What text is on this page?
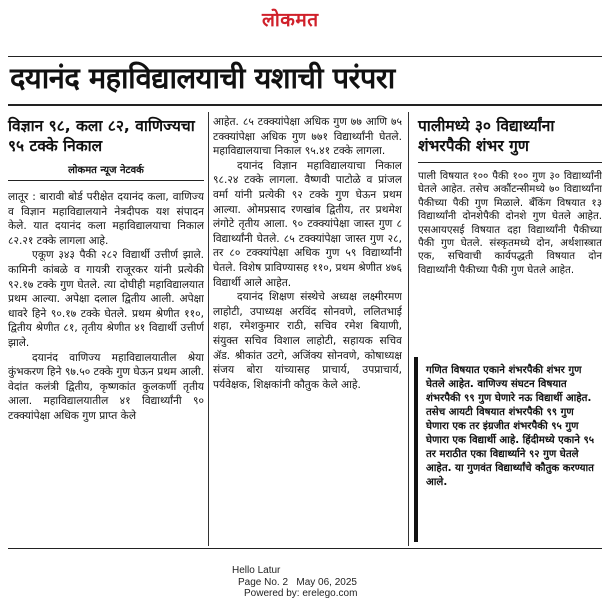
लोकमत
दयानंद महाविद्यालयाची यशाची परंपरा
विज्ञान ९८, कला ८२, वाणिज्यचा ९५ टक्के निकाल
लोकमत न्यूज नेटवर्क

लातूर : बारावी बोर्ड परीक्षेत दयानंद कला, वाणिज्य व विज्ञान महाविद्यालयाने नेत्रदीपक यश संपादन केले. यात दयानंद कला महाविद्यालयाचा निकाल ८२.२१ टक्के लागला आहे.

एकूण ३४३ पैकी २८२ विद्यार्थी उत्तीर्ण झाले. कामिनी कांबळे व गायत्री राजूरकर यांनी प्रत्येकी ९२.१७ टक्के गुण घेतले. त्या दोघीही महाविद्यालयात प्रथम आल्या. अपेक्षा दलाल द्वितीय आली. अपेक्षा धावरे हिने ९०.१७ टक्के घेतले. प्रथम श्रेणीत ११०, द्वितीय श्रेणीत ८१, तृतीय श्रेणीत ४१ विद्यार्थी उत्तीर्ण झाले.

दयानंद वाणिज्य महाविद्यालयातील श्रेया कुंभकरण हिने ९७.५० टक्के गुण घेऊन प्रथम आली. वेदांत कलंत्री द्वितीय, कृष्णकांत कुलकर्णी तृतीय आला. महाविद्यालयातील ४१ विद्यार्थ्यांनी ९० टक्क्यांपेक्षा अधिक गुण प्राप्त केले

आहेत. ८५ टक्क्यांपेक्षा अधिक गुण ७७ आणि ७५ टक्क्यांपेक्षा अधिक गुण ७७१ विद्यार्थ्यांनी घेतले. महाविद्यालयाचा निकाल ९५.४१ टक्के लागला.

दयानंद विज्ञान महाविद्यालयाचा निकाल ९८.२४ टक्के लागला. वैष्णवी पाटोळे व प्रांजल वर्मा यांनी प्रत्येकी ९२ टक्के गुण घेऊन प्रथम आल्या. ओमप्रसाद रणखांब द्वितीय, तर प्रथमेश लंगोटे तृतीय आला. ९० टक्क्यांपेक्षा जास्त गुण ८ विद्यार्थ्यांनी घेतले. ८५ टक्क्यांपेक्षा जास्त गुण २८, तर ८० टक्क्यांपेक्षा अधिक गुण ५९ विद्यार्थ्यांनी घेतले. विशेष प्राविण्यासह ११०, प्रथम श्रेणीत ४७६ विद्यार्थी आले आहेत.

दयानंद शिक्षण संस्थेचे अध्यक्ष लक्ष्मीरमण लाहोटी, उपाध्यक्ष अरविंद सोनवणे, ललितभाई शहा, रमेशकुमार राठी, सचिव रमेश बियाणी, संयुक्त सचिव विशाल लाहोटी, सहायक सचिव ॲड. श्रीकांत उटगे, अजिंक्य सोनवणे, कोषाध्यक्ष संजय बोरा यांच्यासह प्राचार्य, उपप्राचार्य, पर्यवेक्षक, शिक्षकांनी कौतुक केले आहे.

पालीमध्ये ३० विद्यार्थ्यांना शंभरपैकी शंभर गुण

पाली विषयात १०० पैकी १०० गुण ३० विद्यार्थ्यांनी घेतले आहेत. तसेच अकौंटन्सीमध्ये ७० विद्यार्थ्यांना पैकीच्या पैकी गुण मिळाले. बँकिंग विषयात १३ विद्यार्थ्यांनी दोनशेपैकी दोनशे गुण घेतले आहेत. एसआयएसई विषयात दहा विद्यार्थ्यांनी पैकीच्या पैकी गुण घेतले. संस्कृतमध्ये दोन, अर्थशास्त्रात एक, सचिवाची कार्यपद्धती विषयात दोन विद्यार्थ्यांनी पैकीच्या पैकी गुण घेतले आहेत.

गणित विषयात एकाने शंभरपैकी शंभर गुण घेतले आहेत. वाणिज्य संघटन विषयात शंभरपैकी ९९ गुण घेणारे नऊ विद्यार्थी आहेत. तसेच आयटी विषयात शंभरपैकी ९९ गुण घेणारा एक तर इंग्रजीत शंभरपैकी ९५ गुण घेणारा एक विद्यार्थी आहे. हिंदीमध्ये एकाने ९५ तर मराठीत एका विद्यार्थ्याने ९२ गुण घेतले आहेत. या गुणवंत विद्यार्थ्यांचे कौतुक करण्यात आले.
Hello Latur
Page No. 2 May 06, 2025
Powered by: erelego.com
